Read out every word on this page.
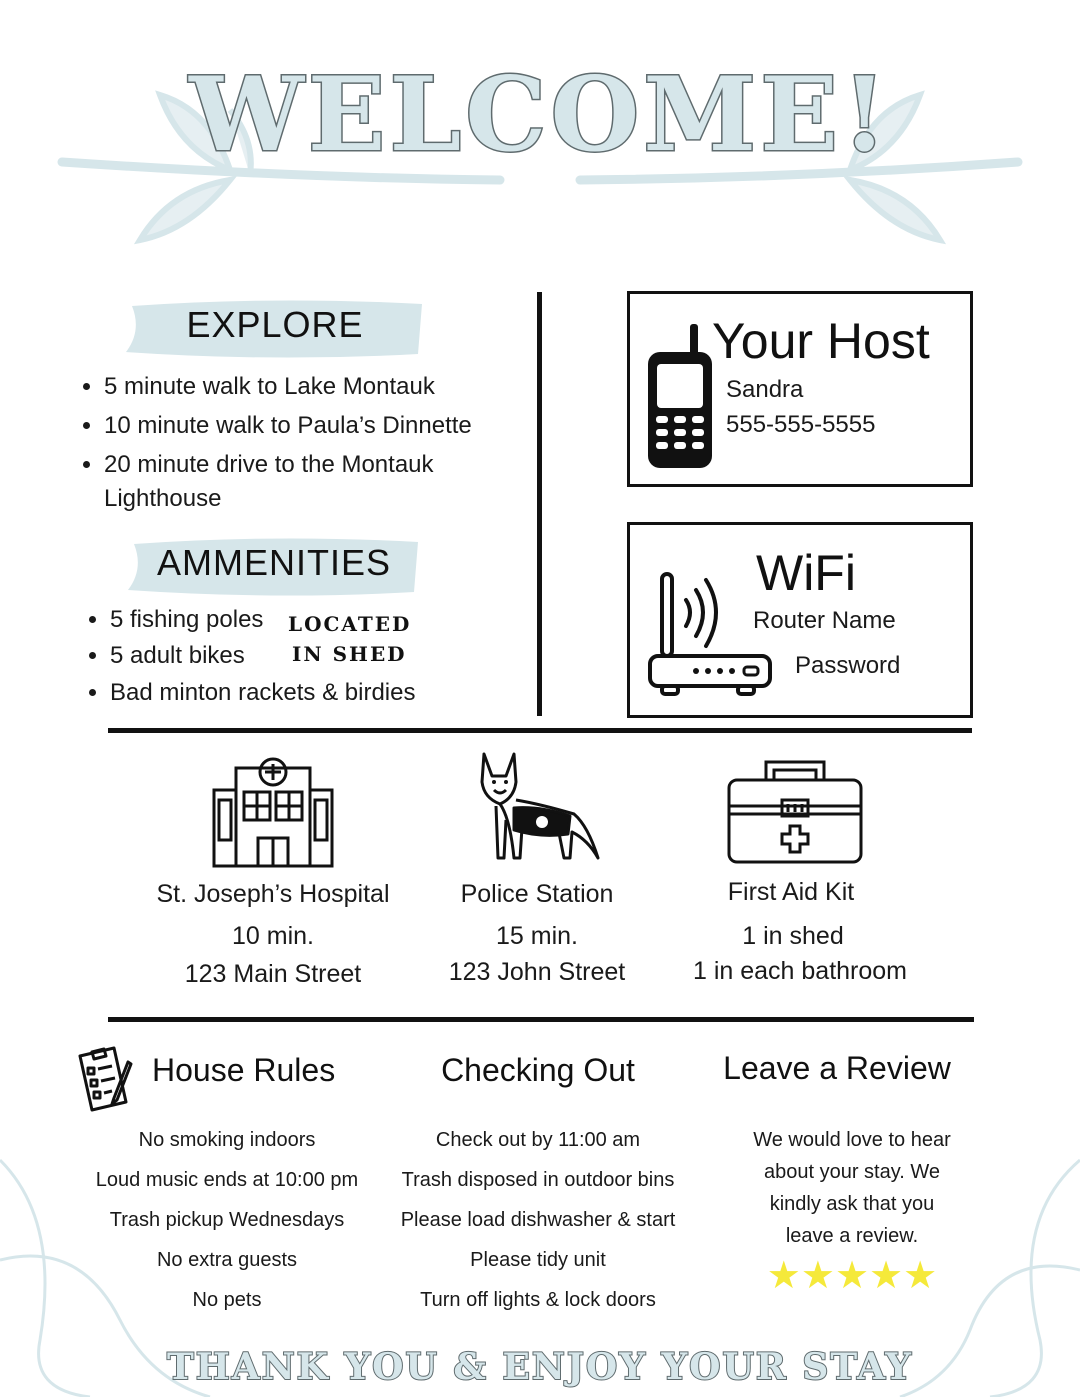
WELCOME!
EXPLORE
• 5 minute walk to Lake Montauk
• 10 minute walk to Paula’s Dinnette
• 20 minute drive to the Montauk Lighthouse
AMMENITIES
• 5 fishing poles
• 5 adult bikes
• Bad minton rackets & birdies
LOCATED
IN SHED
Your Host
Sandra
555-555-5555
WiFi
Router Name
Password
St. Joseph’s Hospital
10 min.
123 Main Street
Police Station
15 min.
123 John Street
First Aid Kit
1 in shed
1 in each bathroom
House Rules
No smoking indoors
Loud music ends at 10:00 pm
Trash pickup Wednesdays
No extra guests
No pets
Checking Out
Check out by 11:00 am
Trash disposed in outdoor bins
Please load dishwasher & start
Please tidy unit
Turn off lights & lock doors
Leave a Review
We would love to hear
about your stay. We
kindly ask that you
leave a review.
★★★★★
THANK YOU & ENJOY YOUR STAY
